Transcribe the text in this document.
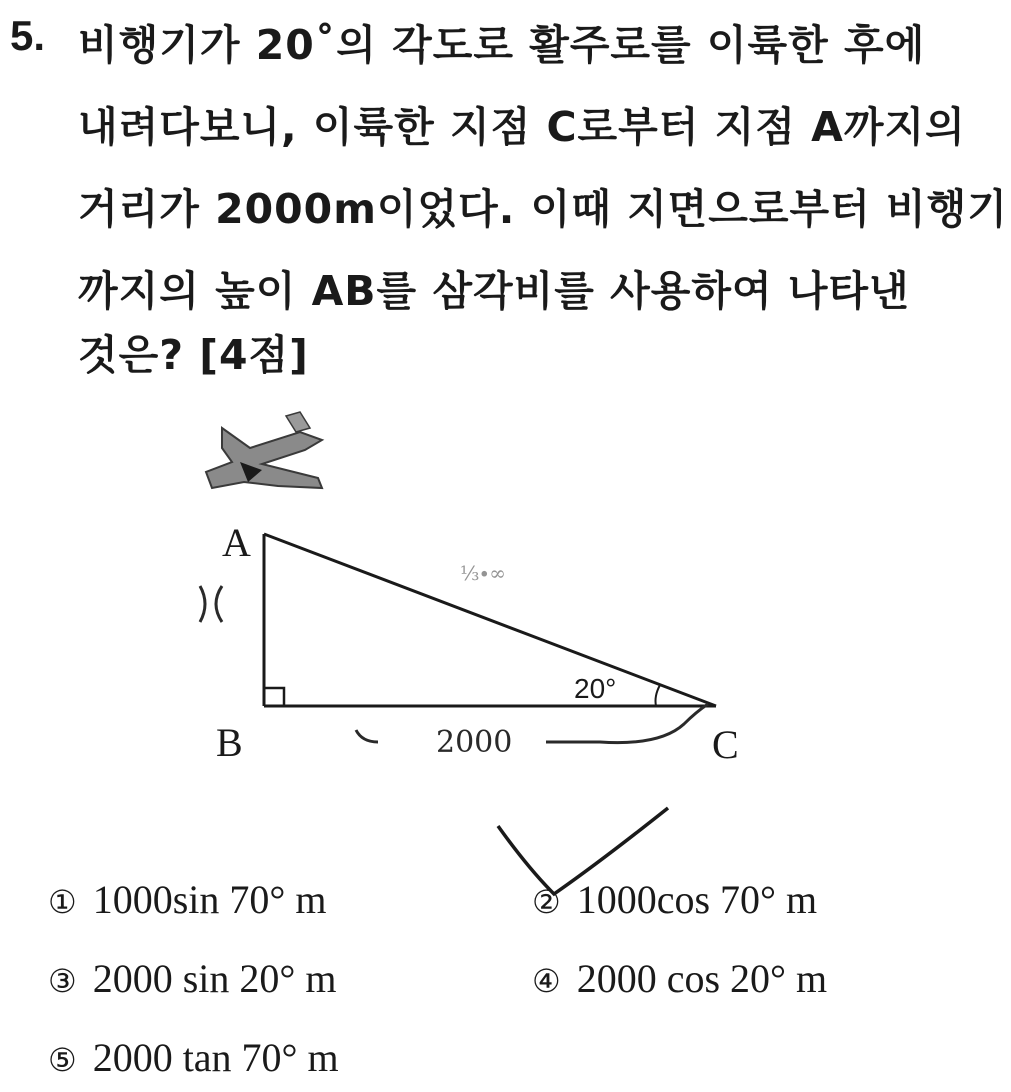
5. 비행기가 20˚의 각도로 활주로를 이륙한 후에
내려다보니, 이륙한 지점 C로부터 지점 A까지의
거리가 2000m이었다. 이때 지면으로부터 비행기
까지의 높이 AB를 삼각비를 사용하여 나타낸
것은? [4점]
A
B	C
20°
⅓∙∞
2000
① 1000sin 70° m	② 1000cos 70° m
③ 2000 sin 20° m	④ 2000 cos 20° m
⑤ 2000 tan 70° m
